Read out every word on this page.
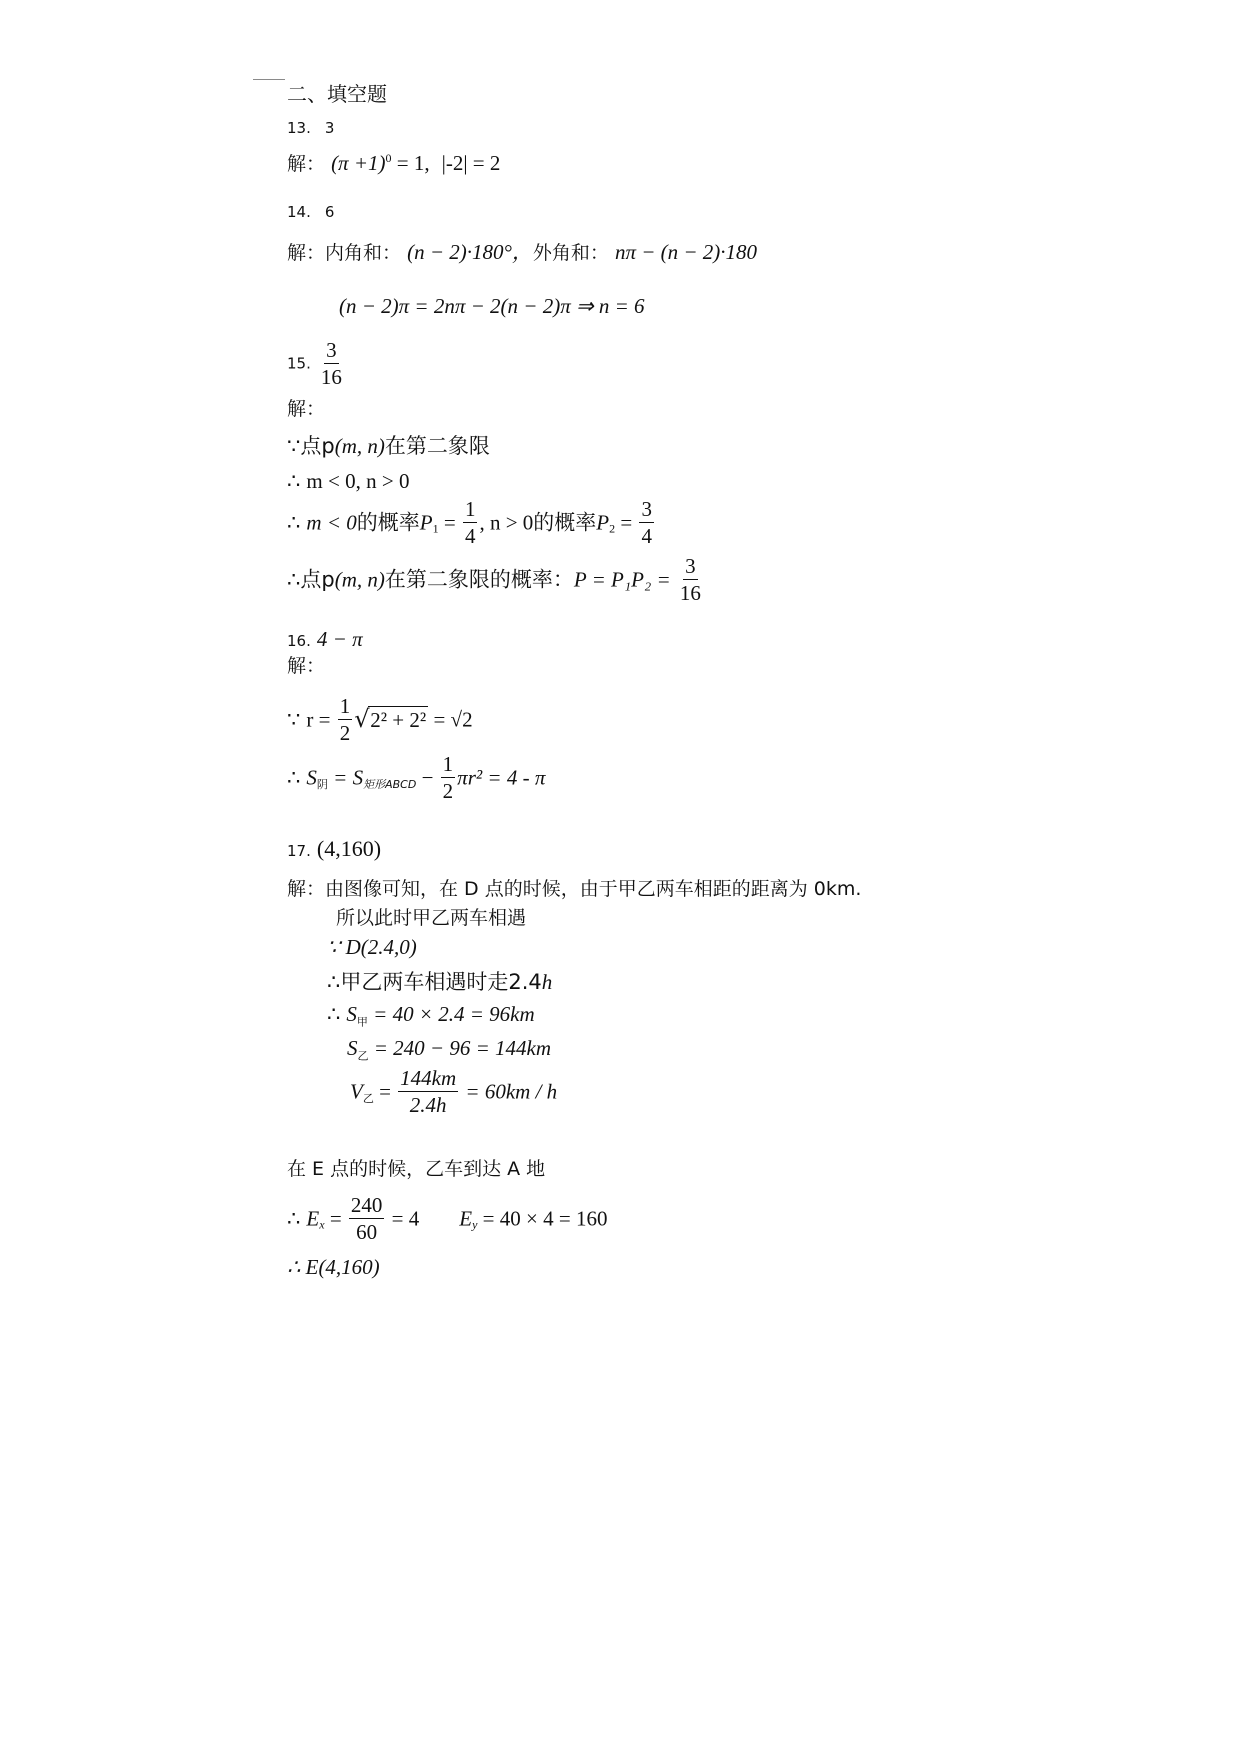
二、填空题
13. 3
解： $(\pi +1)^0 = 1$, |-2| = 2
14. 6
解：内角和： (n − 2)·180°，外角和： nπ − (n − 2)·180
(n − 2)π = 2nπ − 2(n − 2)π ⇒ n = 6
15. $\frac{3}{16}$
解：
∵点p(m, n)在第二象限
∴ m < 0, n > 0
∴ m < 0的概率$P_1 = \frac{1}{4}$ , n > 0的概率$P_2 = \frac{3}{4}$
∴点p(m, n)在第二象限的概率：$P = P_1P_2 = \frac{3}{16}$
16. 4 − π
解：
∵ $r = \frac{1}{2}$ √ 2² + 2² = √2
∴ $S_阴 = S_{矩形ABCD} - \frac{1}{2} \pi r^2 = 4 - \pi$
17. (4,160)
解：由图像可知，在 D 点的时候，由于甲乙两车相距的距离为 0km.
所以此时甲乙两车相遇
∵ D(2.4,0)
∴甲乙两车相遇时走2.4h
∴ $S_甲 = 40 \times 2.4 = 96km$
$S_乙 = 240 - 96 = 144km$
$V_乙 = \frac{144km}{2.4h} = 60km / h$
在 E 点的时候，乙车到达 A 地
∴ $E_x = \frac{240}{60} = 4$ $E_y = 40 \times 4 = 160$
∴ E(4,160)
